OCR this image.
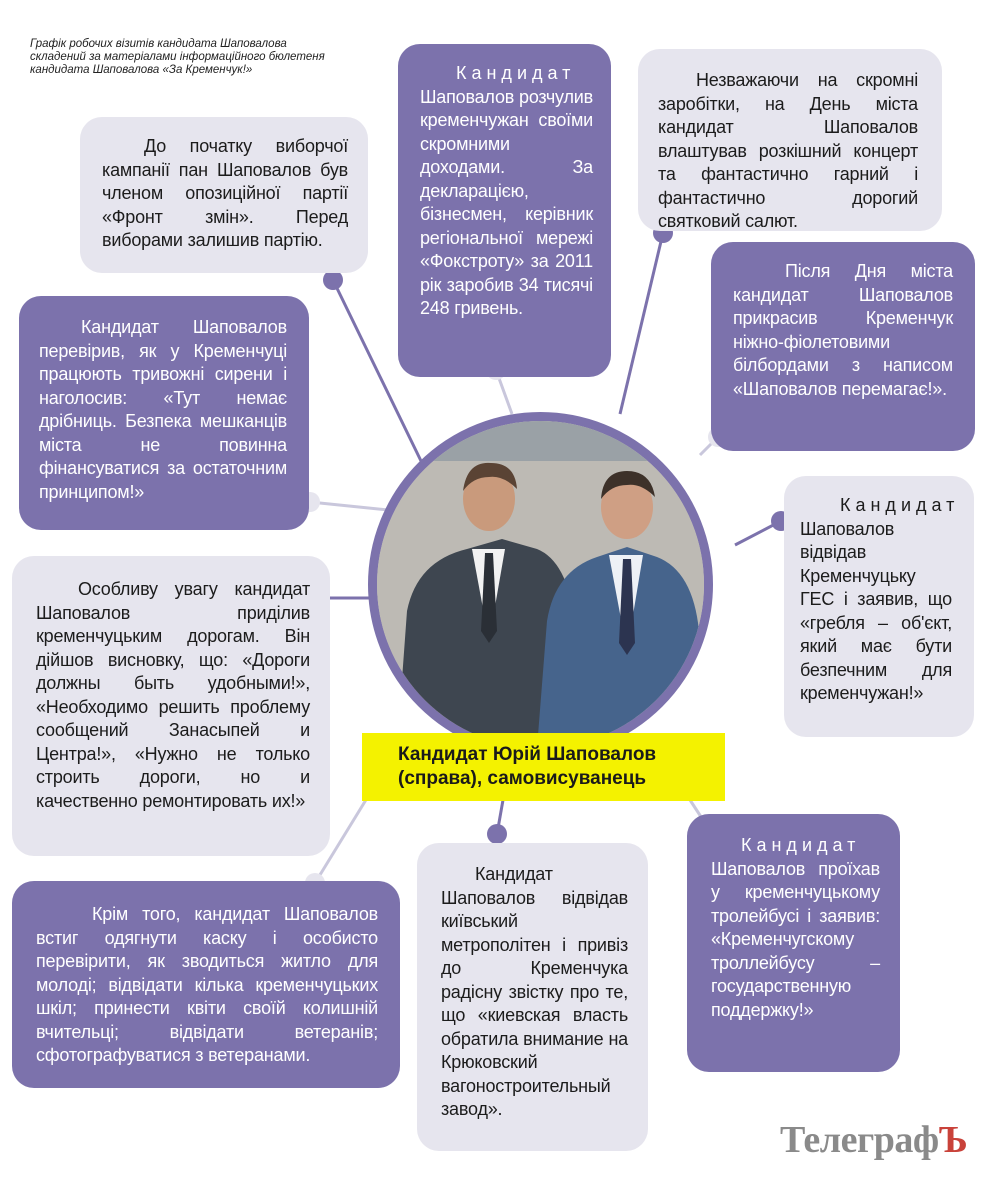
Графік робочих візитів кандидата Шаповалова складений за матеріалами інформаційного бюлетеня кандидата Шаповалова «За Кременчук!»

До початку виборчої кампанії пан Шаповалов був членом опозиційної партії «Фронт змін». Перед виборами залишив партію.

Кандидат Шаповалов розчулив кременчужан своїми скромними доходами. За декларацією, бізнесмен, керівник регіональної мережі «Фокстроту» за 2011 рік заробив 34 тисячі 248 гривень.

Незважаючи на скромні заробітки, на День міста кандидат Шаповалов влаштував розкішний концерт та фантастично гарний і фантастично дорогий святковий салют.

Кандидат Шаповалов перевірив, як у Кременчуці працюють тривожні сирени і наголосив: «Тут немає дрібниць. Безпека мешканців міста не повинна фінансуватися за остаточним принципом!»

Після Дня міста кандидат Шаповалов прикрасив Кременчук ніжно-фіолетовими білбордами з написом «Шаповалов перемагає!».

Кандидат Шаповалов відвідав Кременчуцьку ГЕС і заявив, що «гребля – об'єкт, який має бути безпечним для кременчужан!»

Особливу увагу кандидат Шаповалов приділив кременчуцьким дорогам. Він дійшов висновку, що: «Дороги должны быть удобными!», «Необходимо решить проблему сообщений Занасыпей и Центра!», «Нужно не только строить дороги, но и качественно ремонтировать их!»

Крім того, кандидат Шаповалов встиг одягнути каску і особисто перевірити, як зводиться житло для молоді; відвідати кілька кременчуцьких шкіл; принести квіти своїй колишній вчительці; відвідати ветеранів; сфотографуватися з ветеранами.

Кандидат Шаповалов відвідав київський метрополітен і привіз до Кременчука радісну звістку про те, що «киевская власть обратила внимание на Крюковский вагоностроительный завод».

Кандидат Шаповалов проїхав у кременчуцькому тролейбусі і заявив: «Кременчугскому троллейбусу – государственную поддержку!»

Кандидат Юрій Шаповалов
(справа), самовисуванець
ТелеграфЪ
